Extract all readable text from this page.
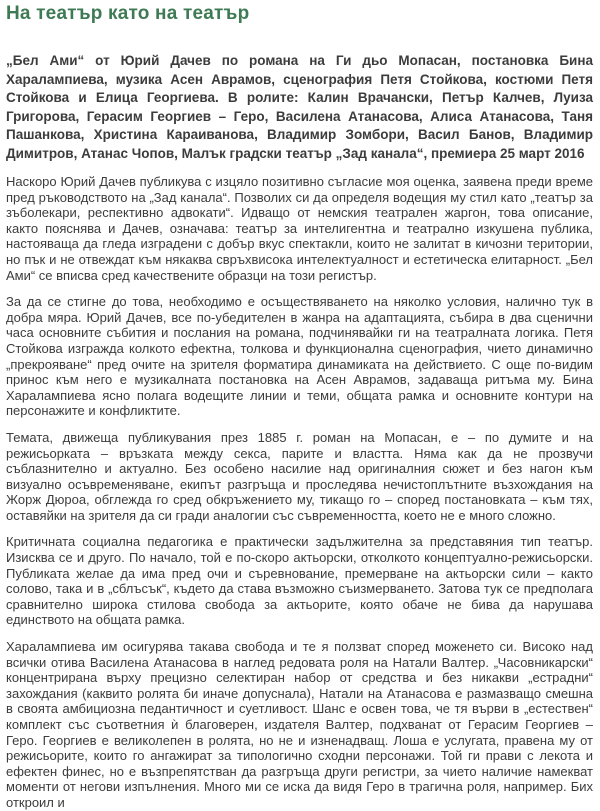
На театър като на театър

„Бел Ами“ от Юрий Дачев по романа на Ги дьо Мопасан, постановка Бина Харалампиева, музика Асен Аврамов, сценография Петя Стойкова, костюми Петя Стойкова и Елица Георгиева. В ролите: Калин Врачански, Петър Калчев, Луиза Григорова, Герасим Георгиев – Геро, Василена Атанасова, Алиса Атанасова, Таня Пашанкова, Христина Караиванова, Владимир Зомбори, Васил Банов, Владимир Димитров, Атанас Чопов, Малък градски театър „Зад канала“, премиера 25 март 2016

Наскоро Юрий Дачев публикува с изцяло позитивно съгласие моя оценка, заявена преди време пред ръководството на „Зад канала“. Позволих си да определя водещия му стил като „театър за зъболекари, респективно адвокати“. Идващо от немския театрален жаргон, това описание, както пояснява и Дачев, означава: театър за интелигентна и театрално изкушена публика, настояваща да гледа изградени с добър вкус спектакли, които не залитат в кичозни територии, но пък и не отвеждат към някаква свръхвисока интелектуалност и естетическа елитарност. „Бел Ами“ се вписва сред качествените образци на този регистър.

За да се стигне до това, необходимо е осъществяването на няколко условия, налично тук в добра мяра. Юрий Дачев, все по-убедителен в жанра на адаптацията, събира в два сценични часа основните събития и послания на романа, подчинявайки ги на театралната логика. Петя Стойкова изгражда колкото ефектна, толкова и функционална сценография, чието динамично „прекрояване“ пред очите на зрителя форматира динамиката на действието. С още по-видим принос към него е музикалната постановка на Асен Аврамов, задаваща ритъма му. Бина Харалампиева ясно полага водещите линии и теми, общата рамка и основните контури на персонажите и конфликтите.

Темата, движеща публикувания през 1885 г. роман на Мопасан, е – по думите и на режисьорката – връзката между секса, парите и властта. Няма как да не прозвучи съблазнително и актуално. Без особено насилие над оригиналния сюжет и без нагон към визуално осъвременяване, екипът разгръща и проследява нечистоплътните възхождания на Жорж Дюроа, обглежда го сред обкръжението му, тикащо го – според постановката – към тях, оставяйки на зрителя да си гради аналогии със съвременността, което не е много сложно.

Критичната социална педагогика е практически задължителна за представяния тип театър. Изисква се и друго. По начало, той е по-скоро актьорски, отколкото концептуално-режисьорски. Публиката желае да има пред очи и съревнование, премерване на актьорски сили – както солово, така и в „сблъсък“, където да става възможно съизмерването. Затова тук се предполага сравнително широка стилова свобода за актьорите, която обаче не бива да нарушава единството на общата рамка.

Харалампиева им осигурява такава свобода и те я ползват според моженето си. Високо над всички отива Василена Атанасова в наглед редовата роля на Натали Валтер. „Часовникарски“ концентрирана върху прецизно селектиран набор от средства и без никакви „естрадни“ захождания (каквито ролята би иначе допуснала), Натали на Атанасова е размазващо смешна в своята амбициозна педантичност и суетливост. Шанс е освен това, че тя върви в „естествен“ комплект със съответния ѝ благоверен, издателя Валтер, подхванат от Герасим Георгиев – Геро. Георгиев е великолепен в ролята, но не и изненадващ. Лоша е услугата, правена му от режисьорите, които го ангажират за типологично сходни персонажи. Той ги прави с лекота и ефектен финес, но е възпрепятстван да разгръща други регистри, за чието наличие намекват моменти от негови изпълнения. Много ми се иска да видя Геро в трагична роля, например. Бих откроил и
